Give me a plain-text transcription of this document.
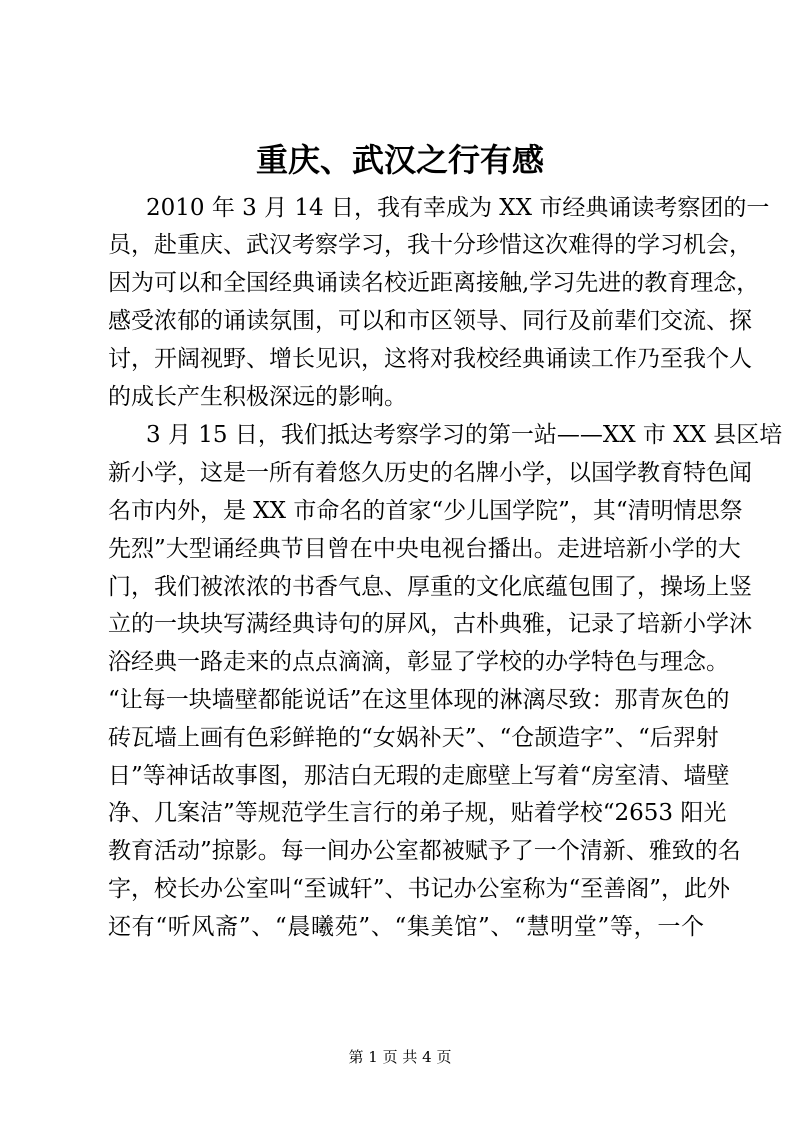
重庆、武汉之行有感
2010 年 3 月 14 日，我有幸成为 XX 市经典诵读考察团的一
员，赴重庆、武汉考察学习，我十分珍惜这次难得的学习机会，
因为可以和全国经典诵读名校近距离接触,学习先进的教育理念，
感受浓郁的诵读氛围，可以和市区领导、同行及前辈们交流、探
讨，开阔视野、增长见识，这将对我校经典诵读工作乃至我个人
的成长产生积极深远的影响。
3 月 15 日，我们抵达考察学习的第一站——XX 市 XX 县区培
新小学，这是一所有着悠久历史的名牌小学，以国学教育特色闻
名市内外，是 XX 市命名的首家“少儿国学院”，其“清明情思祭
先烈”大型诵经典节目曾在中央电视台播出。走进培新小学的大
门，我们被浓浓的书香气息、厚重的文化底蕴包围了，操场上竖
立的一块块写满经典诗句的屏风，古朴典雅，记录了培新小学沐
浴经典一路走来的点点滴滴，彰显了学校的办学特色与理念。
“让每一块墙壁都能说话”在这里体现的淋漓尽致：那青灰色的
砖瓦墙上画有色彩鲜艳的“女娲补天”、“仓颉造字”、“后羿射
日”等神话故事图，那洁白无瑕的走廊壁上写着“房室清、墙壁
净、几案洁”等规范学生言行的弟子规，贴着学校“2653 阳光
教育活动”掠影。每一间办公室都被赋予了一个清新、雅致的名
字，校长办公室叫“至诚轩”、书记办公室称为“至善阁”，此外
还有“听风斋”、“晨曦苑”、“集美馆”、“慧明堂”等，一个
第 1 页 共 4 页
